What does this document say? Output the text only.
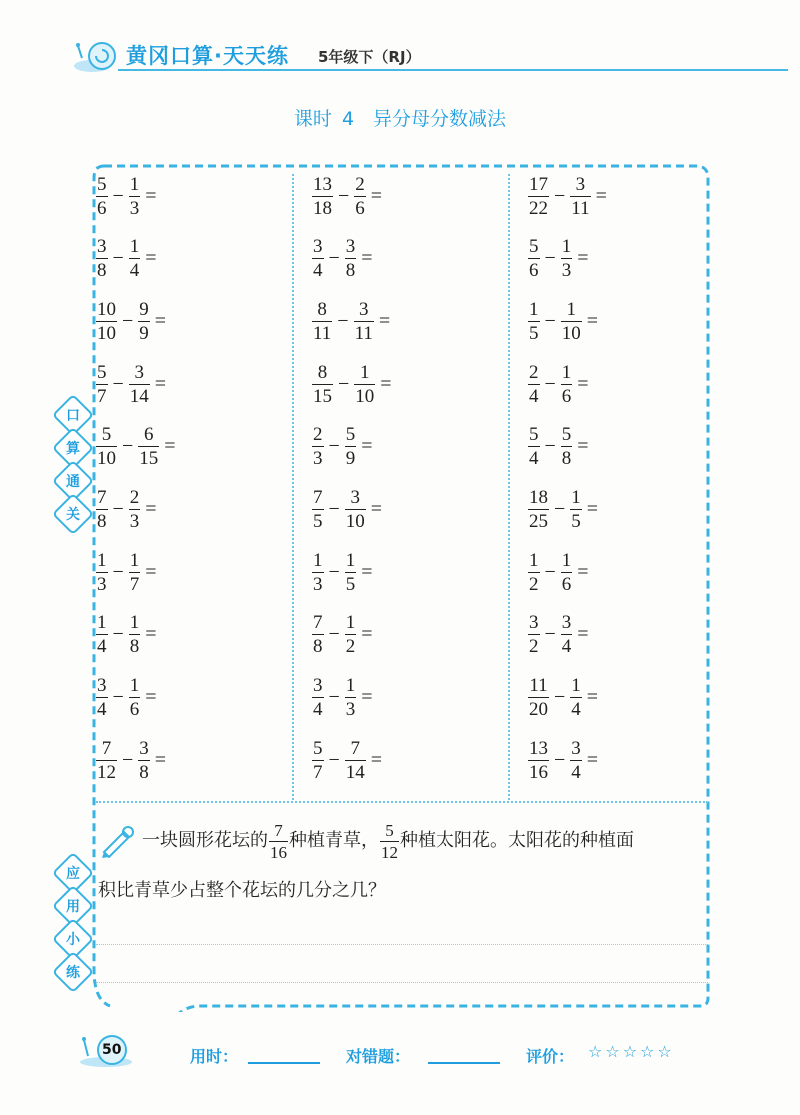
黄冈口算·天天练 5年级下（RJ）
课时 4　异分母分数减法
$\frac{5}{6} - \frac{1}{3}$ =
$\frac{3}{8} - \frac{1}{4}$ =
$\frac{10}{10} - \frac{9}{9}$ =
$\frac{5}{7} - \frac{3}{14}$ =
$\frac{5}{10} - \frac{6}{15}$ =
$\frac{7}{8} - \frac{2}{3}$ =
$\frac{1}{3} - \frac{1}{7}$ =
$\frac{1}{4} - \frac{1}{8}$ =
$\frac{3}{4} - \frac{1}{6}$ =
$\frac{7}{12} - \frac{3}{8}$ =
$\frac{13}{18} - \frac{2}{6}$ =
$\frac{3}{4} - \frac{3}{8}$ =
$\frac{8}{11} - \frac{3}{11}$ =
$\frac{8}{15} - \frac{1}{10}$ =
$\frac{2}{3} - \frac{5}{9}$ =
$\frac{7}{5} - \frac{3}{10}$ =
$\frac{1}{3} - \frac{1}{5}$ =
$\frac{7}{8} - \frac{1}{2}$ =
$\frac{3}{4} - \frac{1}{3}$ =
$\frac{5}{7} - \frac{7}{14}$ =
$\frac{17}{22} - \frac{3}{11}$ =
$\frac{5}{6} - \frac{1}{3}$ =
$\frac{1}{5} - \frac{1}{10}$ =
$\frac{2}{4} - \frac{1}{6}$ =
$\frac{5}{4} - \frac{5}{8}$ =
$\frac{18}{25} - \frac{1}{5}$ =
$\frac{1}{2} - \frac{1}{6}$ =
$\frac{3}{2} - \frac{3}{4}$ =
$\frac{11}{20} - \frac{1}{4}$ =
$\frac{13}{16} - \frac{3}{4}$ =
口
算
通
关
应
用
小
练
一块圆形花坛的 $\frac{7}{16}$ 种植青草， $\frac{5}{12}$ 种植太阳花。太阳花的种植面
积比青草少占整个花坛的几分之几？
50	用时：	对错题：	评价： ☆☆☆☆☆
